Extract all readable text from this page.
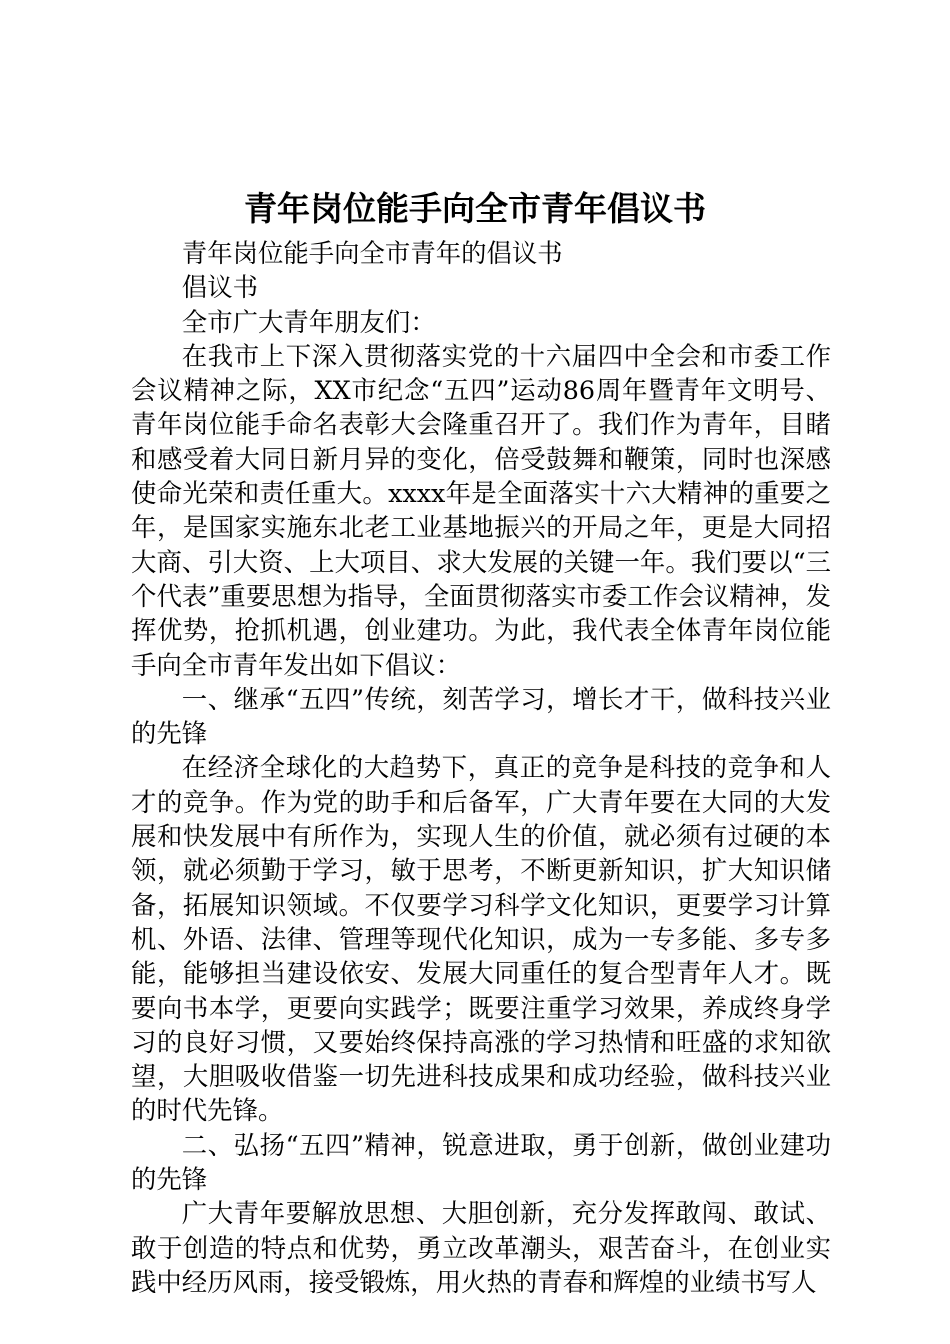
青年岗位能手向全市青年倡议书

青年岗位能手向全市青年的倡议书

倡议书

全市广大青年朋友们：

在我市上下深入贯彻落实党的十六届四中全会和市委工作会议精神之际，XX市纪念“五四”运动86周年暨青年文明号、青年岗位能手命名表彰大会隆重召开了。我们作为青年，目睹和感受着大同日新月异的变化，倍受鼓舞和鞭策，同时也深感使命光荣和责任重大。xxxx年是全面落实十六大精神的重要之年，是国家实施东北老工业基地振兴的开局之年，更是大同招大商、引大资、上大项目、求大发展的关键一年。我们要以“三个代表”重要思想为指导，全面贯彻落实市委工作会议精神，发挥优势，抢抓机遇，创业建功。为此，我代表全体青年岗位能手向全市青年发出如下倡议：

一、继承“五四”传统，刻苦学习，增长才干，做科技兴业的先锋

在经济全球化的大趋势下，真正的竞争是科技的竞争和人才的竞争。作为党的助手和后备军，广大青年要在大同的大发展和快发展中有所作为，实现人生的价值，就必须有过硬的本领，就必须勤于学习，敏于思考，不断更新知识，扩大知识储备，拓展知识领域。不仅要学习科学文化知识，更要学习计算机、外语、法律、管理等现代化知识，成为一专多能、多专多能，能够担当建设依安、发展大同重任的复合型青年人才。既要向书本学，更要向实践学；既要注重学习效果，养成终身学习的良好习惯，又要始终保持高涨的学习热情和旺盛的求知欲望，大胆吸收借鉴一切先进科技成果和成功经验，做科技兴业的时代先锋。

二、弘扬“五四”精神，锐意进取，勇于创新，做创业建功的先锋

广大青年要解放思想、大胆创新，充分发挥敢闯、敢试、敢于创造的特点和优势，勇立改革潮头，艰苦奋斗，在创业实践中经历风雨，接受锻炼，用火热的青春和辉煌的业绩书写人
